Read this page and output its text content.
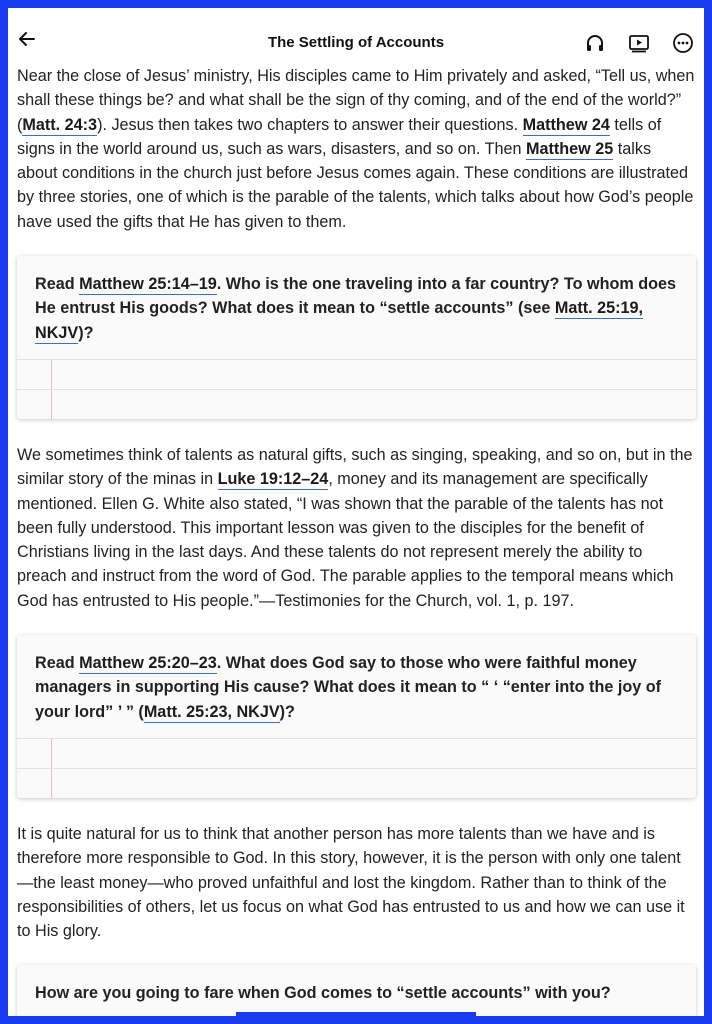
The Settling of Accounts

Near the close of Jesus’ ministry, His disciples came to Him privately and asked, “Tell us, when shall these things be? and what shall be the sign of thy coming, and of the end of the world?” (Matt. 24:3). Jesus then takes two chapters to answer their questions. Matthew 24 tells of signs in the world around us, such as wars, disasters, and so on. Then Matthew 25 talks about conditions in the church just before Jesus comes again. These conditions are illustrated by three stories, one of which is the parable of the talents, which talks about how God’s people have used the gifts that He has given to them.

Read Matthew 25:14–19. Who is the one traveling into a far country? To whom does He entrust His goods? What does it mean to “settle accounts” (see Matt. 25:19, NKJV)?

We sometimes think of talents as natural gifts, such as singing, speaking, and so on, but in the similar story of the minas in Luke 19:12–24, money and its management are specifically mentioned. Ellen G. White also stated, “I was shown that the parable of the talents has not been fully understood. This important lesson was given to the disciples for the benefit of Christians living in the last days. And these talents do not represent merely the ability to preach and instruct from the word of God. The parable applies to the temporal means which God has entrusted to His people.”—Testimonies for the Church, vol. 1, p. 197.

Read Matthew 25:20–23. What does God say to those who were faithful money managers in supporting His cause? What does it mean to “ ‘ “enter into the joy of your lord” ’ ” (Matt. 25:23, NKJV)?

It is quite natural for us to think that another person has more talents than we have and is therefore more responsible to God. In this story, however, it is the person with only one talent—the least money—who proved unfaithful and lost the kingdom. Rather than to think of the responsibilities of others, let us focus on what God has entrusted to us and how we can use it to His glory.

How are you going to fare when God comes to “settle accounts” with you?
